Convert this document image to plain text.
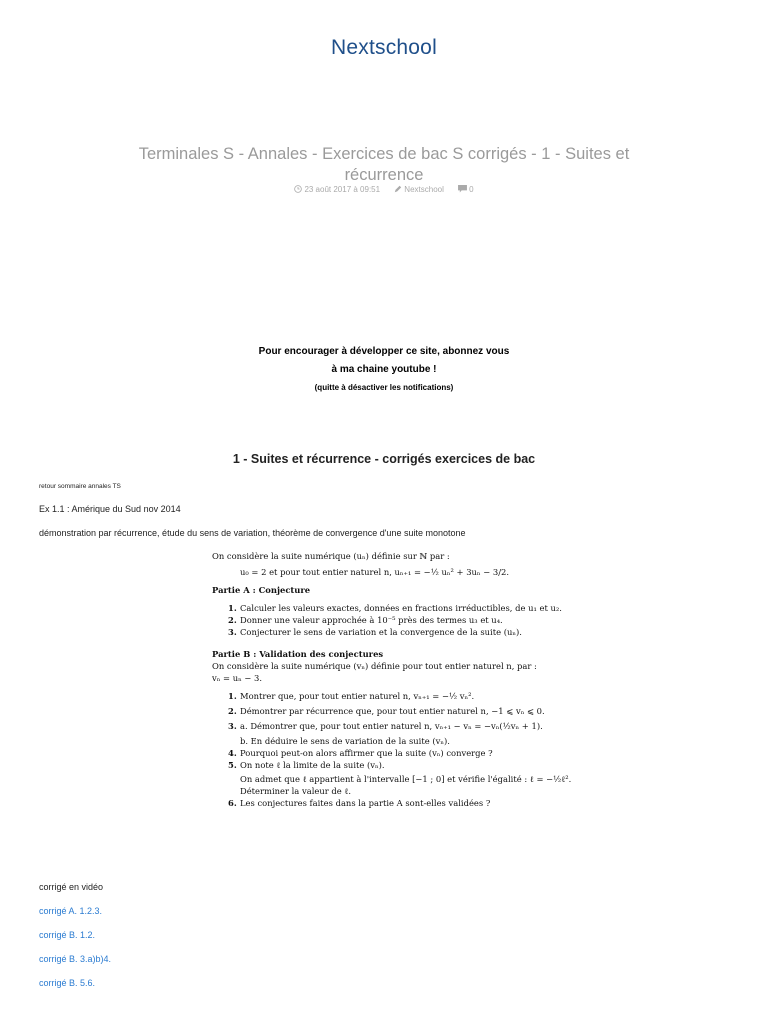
Nextschool
Terminales S - Annales - Exercices de bac S corrigés - 1 - Suites et récurrence
23 août 2017 à 09:51	Nextschool	0
Pour encourager à développer ce site, abonnez vous
à ma chaine youtube !
(quitte à désactiver les notifications)
1 - Suites et récurrence - corrigés exercices de bac
retour sommaire annales TS
Ex 1.1 : Amérique du Sud nov 2014
démonstration par récurrence, étude du sens de variation, théorème de convergence d'une suite monotone
On considère la suite numérique (uₙ) définie sur ℕ par :
u₀ = 2 et pour tout entier naturel n, uₙ₊₁ = −½ uₙ² + 3uₙ − 3/2.
Partie A : Conjecture
1. Calculer les valeurs exactes, données en fractions irréductibles, de u₁ et u₂.
2. Donner une valeur approchée à 10⁻⁵ près des termes u₃ et u₄.
3. Conjecturer le sens de variation et la convergence de la suite (uₙ).
Partie B : Validation des conjectures
On considère la suite numérique (vₙ) définie pour tout entier naturel n, par :
vₙ = uₙ − 3.
1. Montrer que, pour tout entier naturel n, vₙ₊₁ = −½ vₙ².
2. Démontrer par récurrence que, pour tout entier naturel n, −1 ⩽ vₙ ⩽ 0.
3. a. Démontrer que, pour tout entier naturel n, vₙ₊₁ − vₙ = −vₙ(½vₙ + 1).
b. En déduire le sens de variation de la suite (vₙ).
4. Pourquoi peut-on alors affirmer que la suite (vₙ) converge ?
5. On note ℓ la limite de la suite (vₙ).
On admet que ℓ appartient à l'intervalle [−1 ; 0] et vérifie l'égalité : ℓ = −½ℓ².
Déterminer la valeur de ℓ.
6. Les conjectures faites dans la partie A sont-elles validées ?
corrigé en vidéo
corrigé A. 1.2.3.
corrigé B. 1.2.
corrigé B. 3.a)b)4.
corrigé B. 5.6.
